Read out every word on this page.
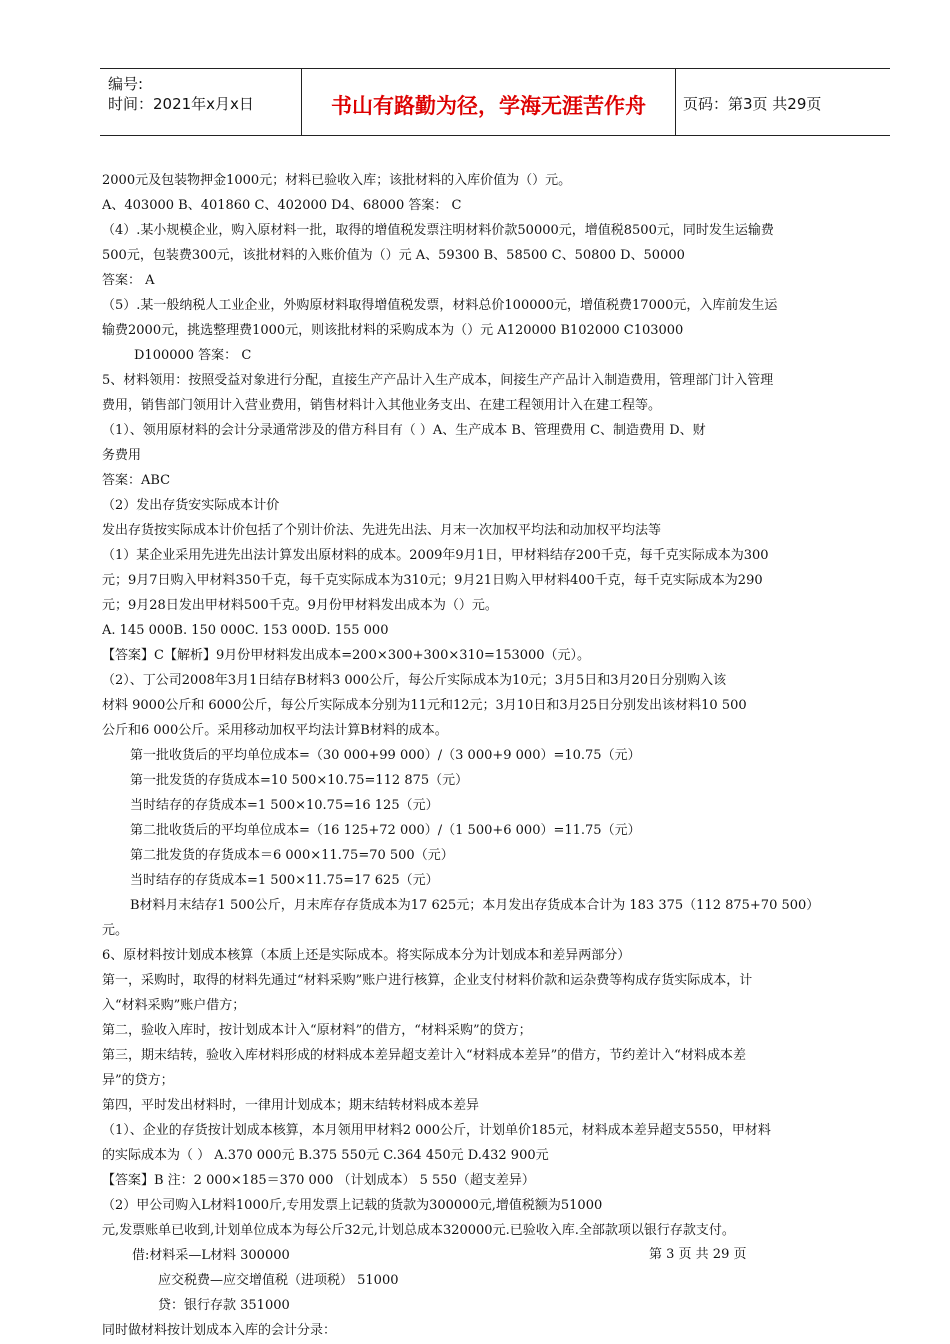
编号:
时间：2021年x月x日	书山有路勤为径，学海无涯苦作舟	页码：第3页 共29页
2000元及包装物押金1000元；材料已验收入库；该批材料的入库价值为（）元。
A、403000 B、401860 C、402000 D4、68000 答案： C
（4）.某小规模企业，购入原材料一批，取得的增值税发票注明材料价款50000元，增值税8500元，同时发生运输费
500元，包装费300元，该批材料的入账价值为（）元 A、59300 B、58500 C、50800 D、50000
答案： A
（5）.某一般纳税人工业企业，外购原材料取得增值税发票，材料总价100000元，增值税费17000元，入库前发生运
输费2000元，挑选整理费1000元，则该批材料的采购成本为（）元 A120000 B102000 C103000
D100000 答案： C
5、材料领用：按照受益对象进行分配，直接生产产品计入生产成本，间接生产产品计入制造费用，管理部门计入管理
费用，销售部门领用计入营业费用，销售材料计入其他业务支出、在建工程领用计入在建工程等。
（1）、领用原材料的会计分录通常涉及的借方科目有（ ）A、生产成本 B、管理费用 C、制造费用 D、财
务费用
答案：ABC
（2）发出存货安实际成本计价
发出存货按实际成本计价包括了个别计价法、先进先出法、月末一次加权平均法和动加权平均法等
（1）某企业采用先进先出法计算发出原材料的成本。2009年9月1日，甲材料结存200千克，每千克实际成本为300
元；9月7日购入甲材料350千克，每千克实际成本为310元；9月21日购入甲材料400千克，每千克实际成本为290
元；9月28日发出甲材料500千克。9月份甲材料发出成本为（）元。
A. 145 000B. 150 000C. 153 000D. 155 000
【答案】C【解析】9月份甲材料发出成本=200×300+300×310=153000（元）。
（2）、丁公司2008年3月1日结存B材料3 000公斤，每公斤实际成本为10元；3月5日和3月20日分别购入该
材料 9000公斤和 6000公斤，每公斤实际成本分别为11元和12元；3月10日和3月25日分别发出该材料10 500
公斤和6 000公斤。采用移动加权平均法计算B材料的成本。
第一批收货后的平均单位成本=（30 000+99 000）/（3 000+9 000）=10.75（元）
第一批发货的存货成本=10 500×10.75=112 875（元）
当时结存的存货成本=1 500×10.75=16 125（元）
第二批收货后的平均单位成本=（16 125+72 000）/（1 500+6 000）=11.75（元）
第二批发货的存货成本＝6 000×11.75=70 500（元）
当时结存的存货成本=1 500×11.75=17 625（元）
B材料月末结存1 500公斤，月末库存存货成本为17 625元；本月发出存货成本合计为 183 375（112 875+70 500）
元。
6、原材料按计划成本核算（本质上还是实际成本。将实际成本分为计划成本和差异两部分）
第一，采购时，取得的材料先通过“材料采购”账户进行核算，企业支付材料价款和运杂费等构成存货实际成本，计
入“材料采购”账户借方；
第二，验收入库时，按计划成本计入“原材料”的借方，“材料采购”的贷方；
第三，期末结转，验收入库材料形成的材料成本差异超支差计入“材料成本差异”的借方，节约差计入“材料成本差
异”的贷方；
第四，平时发出材料时，一律用计划成本；期末结转材料成本差异
（1）、企业的存货按计划成本核算，本月领用甲材料2 000公斤，计划单价185元，材料成本差异超支5550，甲材料
的实际成本为（ ） A.370 000元 B.375 550元 C.364 450元 D.432 900元
【答案】B 注：2 000×185＝370 000 （计划成本） 5 550（超支差异）
（2）甲公司购入L材料1000斤,专用发票上记载的货款为300000元,增值税额为51000
元,发票账单已收到,计划单位成本为每公斤32元,计划总成本320000元.已验收入库.全部款项以银行存款支付。
借:材料采—L材料 300000
应交税费—应交增值税（进项税） 51000
贷：银行存款 351000
同时做材料按计划成本入库的会计分录：
第 3 页 共 29 页
